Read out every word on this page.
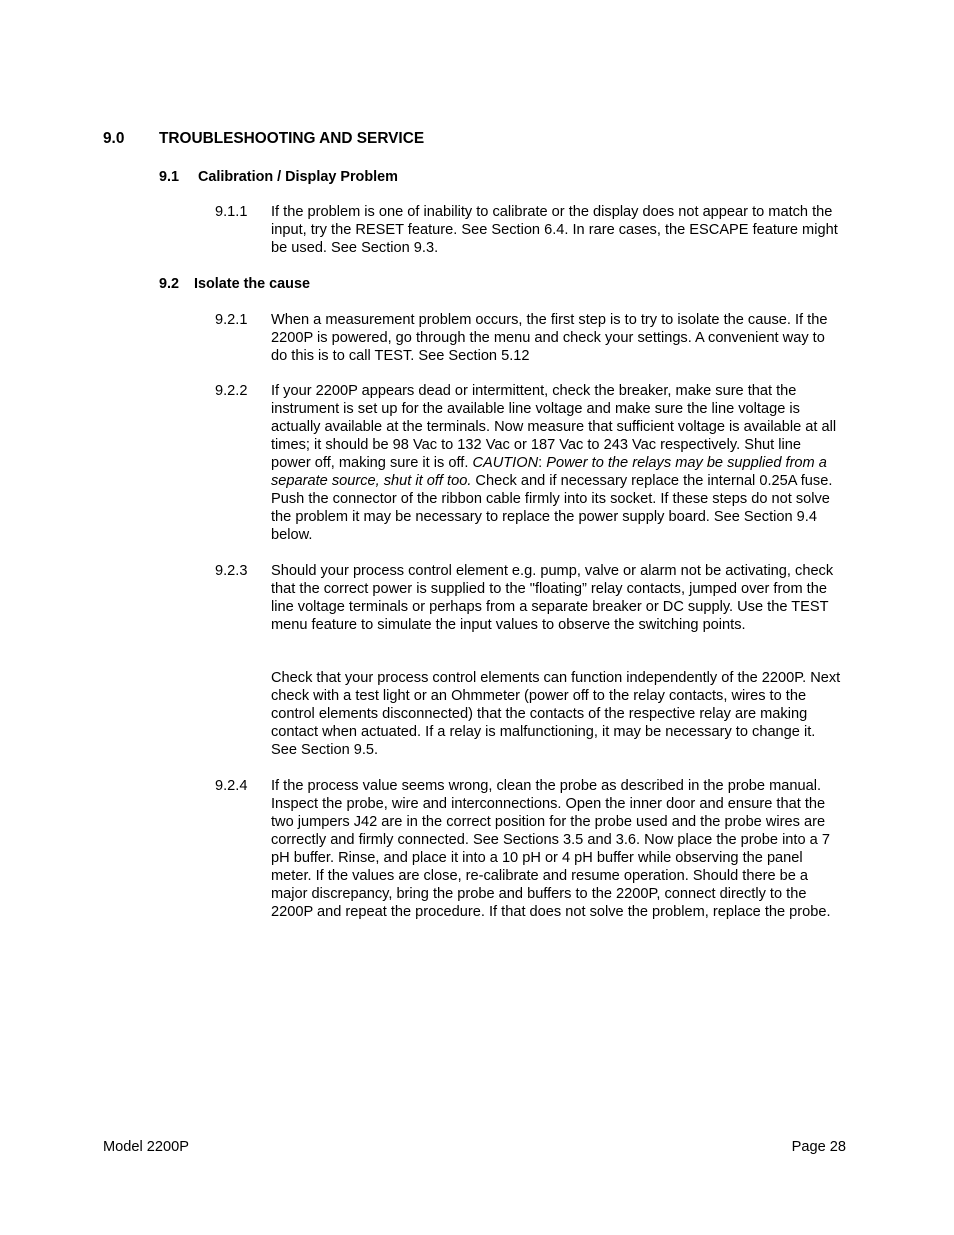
9.0 TROUBLESHOOTING AND SERVICE
9.1 Calibration / Display Problem
9.1.1	If the problem is one of inability to calibrate or the display does not appear to match the input, try the RESET feature. See Section 6.4. In rare cases, the ESCAPE feature might be used. See Section 9.3.

9.2 Isolate the cause
9.2.1	When a measurement problem occurs, the first step is to try to isolate the cause. If the 2200P is powered, go through the menu and check your settings. A convenient way to do this is to call TEST. See Section 5.12

9.2.2	If your 2200P appears dead or intermittent, check the breaker, make sure that the instrument is set up for the available line voltage and make sure the line voltage is actually available at the terminals. Now measure that sufficient voltage is available at all times; it should be 98 Vac to 132 Vac or 187 Vac to 243 Vac respectively. Shut line power off, making sure it is off. CAUTION: Power to the relays may be supplied from a separate source, shut it off too. Check and if necessary replace the internal 0.25A fuse. Push the connector of the ribbon cable firmly into its socket. If these steps do not solve the problem it may be necessary to replace the power supply board. See Section 9.4 below.

9.2.3	Should your process control element e.g. pump, valve or alarm not be activating, check that the correct power is supplied to the "floating” relay contacts, jumped over from the line voltage terminals or perhaps from a separate breaker or DC supply. Use the TEST menu feature to simulate the input values to observe the switching points.

Check that your process control elements can function independently of the 2200P. Next check with a test light or an Ohmmeter (power off to the relay contacts, wires to the control elements disconnected) that the contacts of the respective relay are making contact when actuated. If a relay is malfunctioning, it may be necessary to change it. See Section 9.5.

9.2.4	If the process value seems wrong, clean the probe as described in the probe manual. Inspect the probe, wire and interconnections. Open the inner door and ensure that the two jumpers J42 are in the correct position for the probe used and the probe wires are correctly and firmly connected. See Sections 3.5 and 3.6. Now place the probe into a 7 pH buffer. Rinse, and place it into a 10 pH or 4 pH buffer while observing the panel meter. If the values are close, re-calibrate and resume operation. Should there be a major discrepancy, bring the probe and buffers to the 2200P, connect directly to the 2200P and repeat the procedure. If that does not solve the problem, replace the probe.

Model 2200P	Page 28
